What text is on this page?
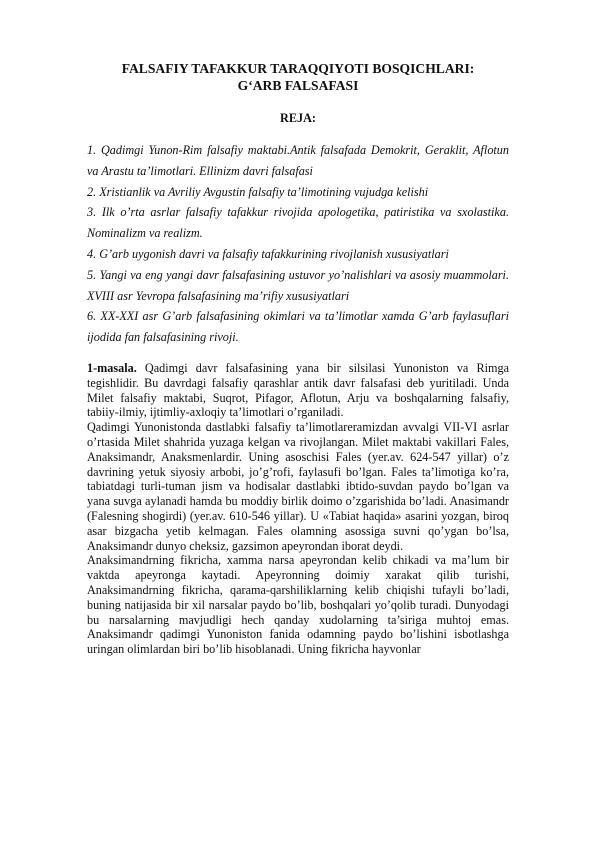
FALSAFIY TAFAKKUR TARAQQIYOTI BOSQICHLARI:
G‘ARB FALSAFASI
REJA:
1. Qadimgi Yunon-Rim falsafiy maktabi.Antik falsafada Demokrit, Geraklit, Aflotun va Arastu ta’limotlari. Ellinizm davri falsafasi
2. Xristianlik va Avriliy Avgustin falsafiy ta’limotining vujudga kelishi
3. Ilk o’rta asrlar falsafiy tafakkur rivojida apologetika, patiristika va sxolastika. Nominalizm va realizm.
4. G’arb uygonish davri va falsafiy tafakkurining rivojlanish xususiyatlari
5. Yangi va eng yangi davr falsafasining ustuvor yo’nalishlari va asosiy muammolari. XVIII asr Yevropa falsafasining ma’rifiy xususiyatlari
6. XX-XXI asr G’arb falsafasining okimlari va ta’limotlar xamda G’arb faylasuflari ijodida fan falsafasining rivoji.

1-masala. Qadimgi davr falsafasining yana bir silsilasi Yunoniston va Rimga tegishlidir. Bu davrdagi falsafiy qarashlar antik davr falsafasi deb yuritiladi. Unda Milet falsafiy maktabi, Suqrot, Pifagor, Aflotun, Arju va boshqalarning falsafiy, tabiiy-ilmiy, ijtimliy-axloqiy ta’limotlari o’rganiladi.

Qadimgi Yunonistonda dastlabki falsafiy ta’limotlareramizdan avvalgi VII-VI asrlar o’rtasida Milet shahrida yuzaga kelgan va rivojlangan. Milet maktabi vakillari Fales, Anaksimandr, Anaksmenlardir. Uning asoschisi Fales (yer.av. 624-547 yillar) o’z davrining yetuk siyosiy arbobi, jo’g’rofi, faylasufi bo’lgan. Fales ta’limotiga ko’ra, tabiatdagi turli-tuman jism va hodisalar dastlabki ibtido-suvdan paydo bo’lgan va yana suvga aylanadi hamda bu moddiy birlik doimo o’zgarishida bo’ladi. Anasimandr (Falesning shogirdi) (yer.av. 610-546 yillar). U «Tabiat haqida» asarini yozgan, biroq asar bizgacha yetib kelmagan. Fales olamning asossiga suvni qo’ygan bo’lsa, Anaksimandr dunyo cheksiz, gazsimon apeyrondan iborat deydi.

Anaksimandrning fikricha, xamma narsa apeyrondan kelib chikadi va ma’lum bir vaktda apeyronga kaytadi. Apeyronning doimiy xarakat qilib turishi, Anaksimandrning fikricha, qarama-qarshiliklarning kelib chiqishi tufayli bo’ladi, buning natijasida bir xil narsalar paydo bo’lib, boshqalari yo’qolib turadi. Dunyodagi bu narsalarning mavjudligi hech qanday xudolarning ta’siriga muhtoj emas. Anaksimandr qadimgi Yunoniston fanida odamning paydo bo’lishini isbotlashga uringan olimlardan biri bo’lib hisoblanadi. Uning fikricha hayvonlar
